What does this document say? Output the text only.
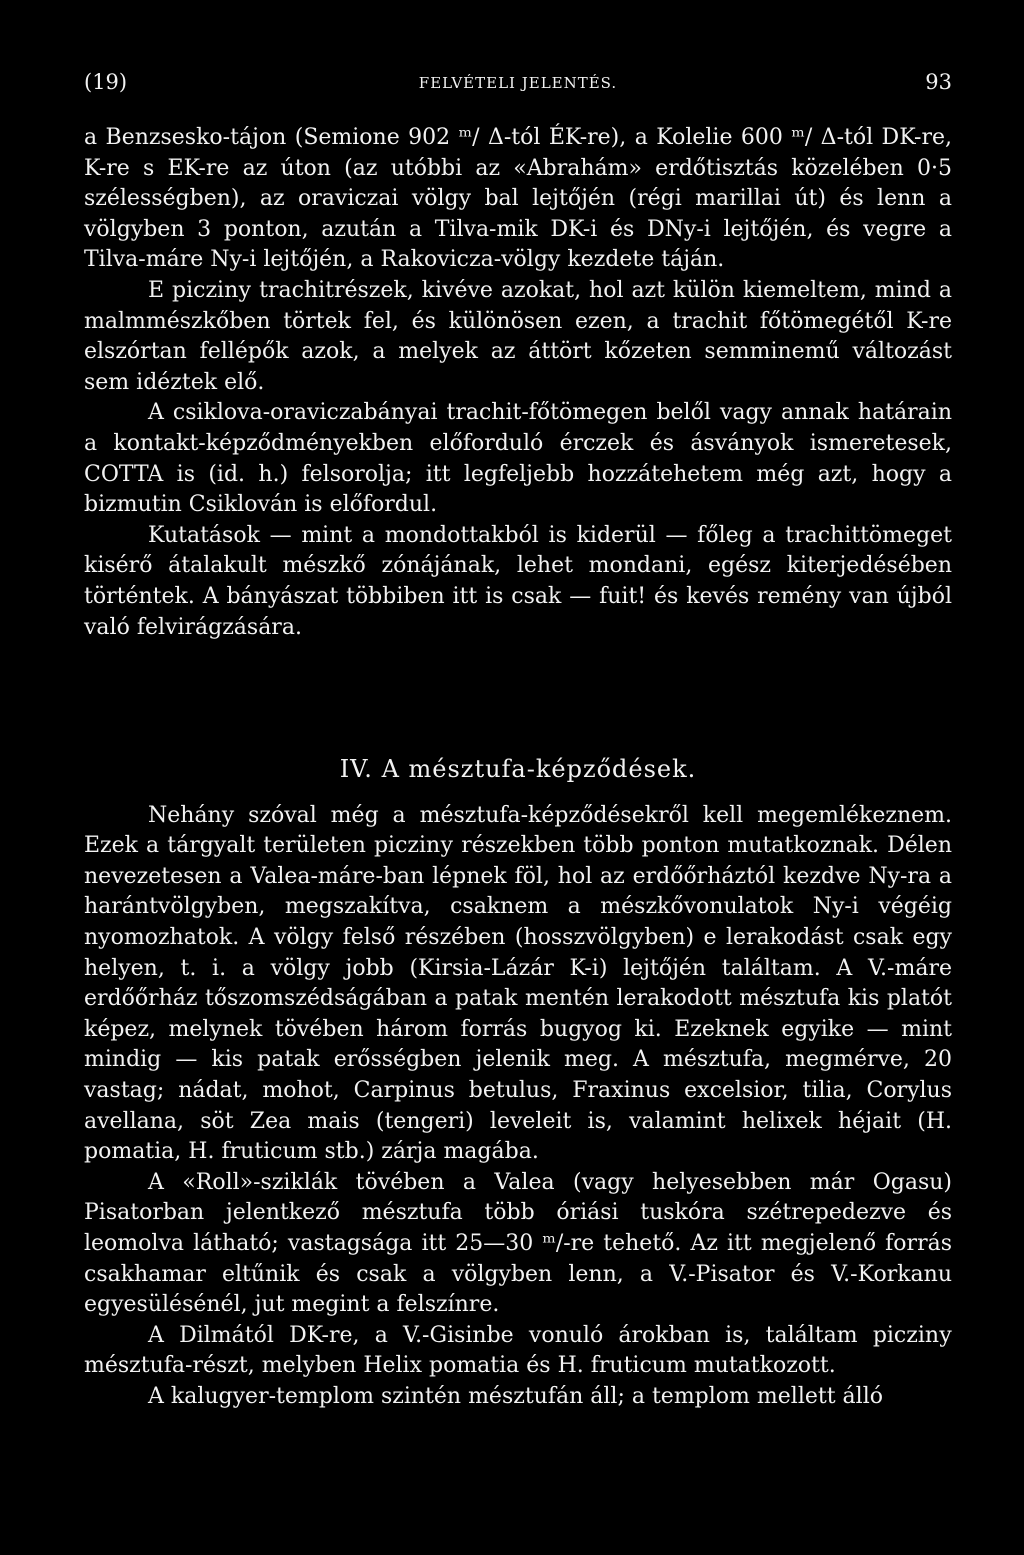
(19)	FELVÉTELI JELENTÉS.	93

a Benzsesko-tájon (Semione 902 ᵐ/ Δ-tól ÉK-re), a Kolelie 600 ᵐ/ Δ-tól DK-re, K-re s EK-re az úton (az utóbbi az «Abrahám» erdőtisztás közelében 0·5 szélességben), az oraviczai völgy bal lejtőjén (régi marillai út) és lenn a völgyben 3 ponton, azután a Tilva-mik DK-i és DNy-i lejtőjén, és vegre a Tilva-máre Ny-i lejtőjén, a Rakovicza-völgy kezdete táján.

E piczinу trachitrészek, kivéve azokat, hol azt külön kiemeltem, mind a malmmészkőben törtek fel, és különösen ezen, a trachit főtömegétől K-re elszórtan fellépők azok, a melyek az áttört kőzeten semminemű változást sem idéztek elő.

A csiklova-oraviczabányai trachit-főtömegen belől vagy annak határain a kontakt-képződményekben előforduló érczek és ásványok ismeretesek, COTTA is (id. h.) felsorolja; itt legfeljebb hozzátehetem még azt, hogy a bizmutin Csiklován is előfordul.

Kutatások — mint a mondottakból is kiderül — főleg a trachittömeget kisérő átalakult mészkő zónájának, lehet mondani, egész kiterjedésében történtek. A bányászat többiben itt is csak — fuit! és kevés remény van újból való felvirágzására.

IV. A mésztufa-képződések.

Nehány szóval még a mésztufa-képződésekről kell megemlékeznem. Ezek a tárgyalt területen piczinу részekben több ponton mutatkoznak. Délen nevezetesen a Valea-máre-ban lépnek föl, hol az erdőőrháztól kezdve Ny-ra a harántvölgyben, megszakítva, csaknem a mészkővonulatok Ny-i végéig nyomozhatok. A völgy felső részében (hosszvölgyben) e lerakodást csak egy helyen, t. i. a völgy jobb (Kirsia-Lázár K-i) lejtőjén találtam. A V.-máre erdőőrház tőszomszédságában a patak mentén lerakodott mésztufa kis platót képez, melynek tövében három forrás bugyog ki. Ezeknek egyike — mint mindig — kis patak erősségben jelenik meg. A mésztufa, megmérve, 20 vastag; nádat, mohot, Carpinus betulus, Fraxinus excelsior, tilia, Corylus avellana, söt Zea mais (tengeri) leveleit is, valamint helixek héjait (H. pomatia, H. fruticum stb.) zárja magába.

A «Roll»-sziklák tövében a Valea (vagy helyesebben már Ogasu) Pisatorban jelentkező mésztufa több óriási tuskóra szétrepedezve és leomolva látható; vastagsága itt 25—30 ᵐ/-re tehető. Az itt megjelenő forrás csakhamar eltűnik és csak a völgyben lenn, a V.-Pisator és V.-Korkanu egyesülésénél, jut megint a felszínre.

A Dilmától DK-re, a V.-Gisinbe vonuló árokban is, találtam piczinу mésztufa-részt, melyben Helix pomatia és H. fruticum mutatkozott.

A kalugyer-templom szintén mésztufán áll; a templom mellett álló
